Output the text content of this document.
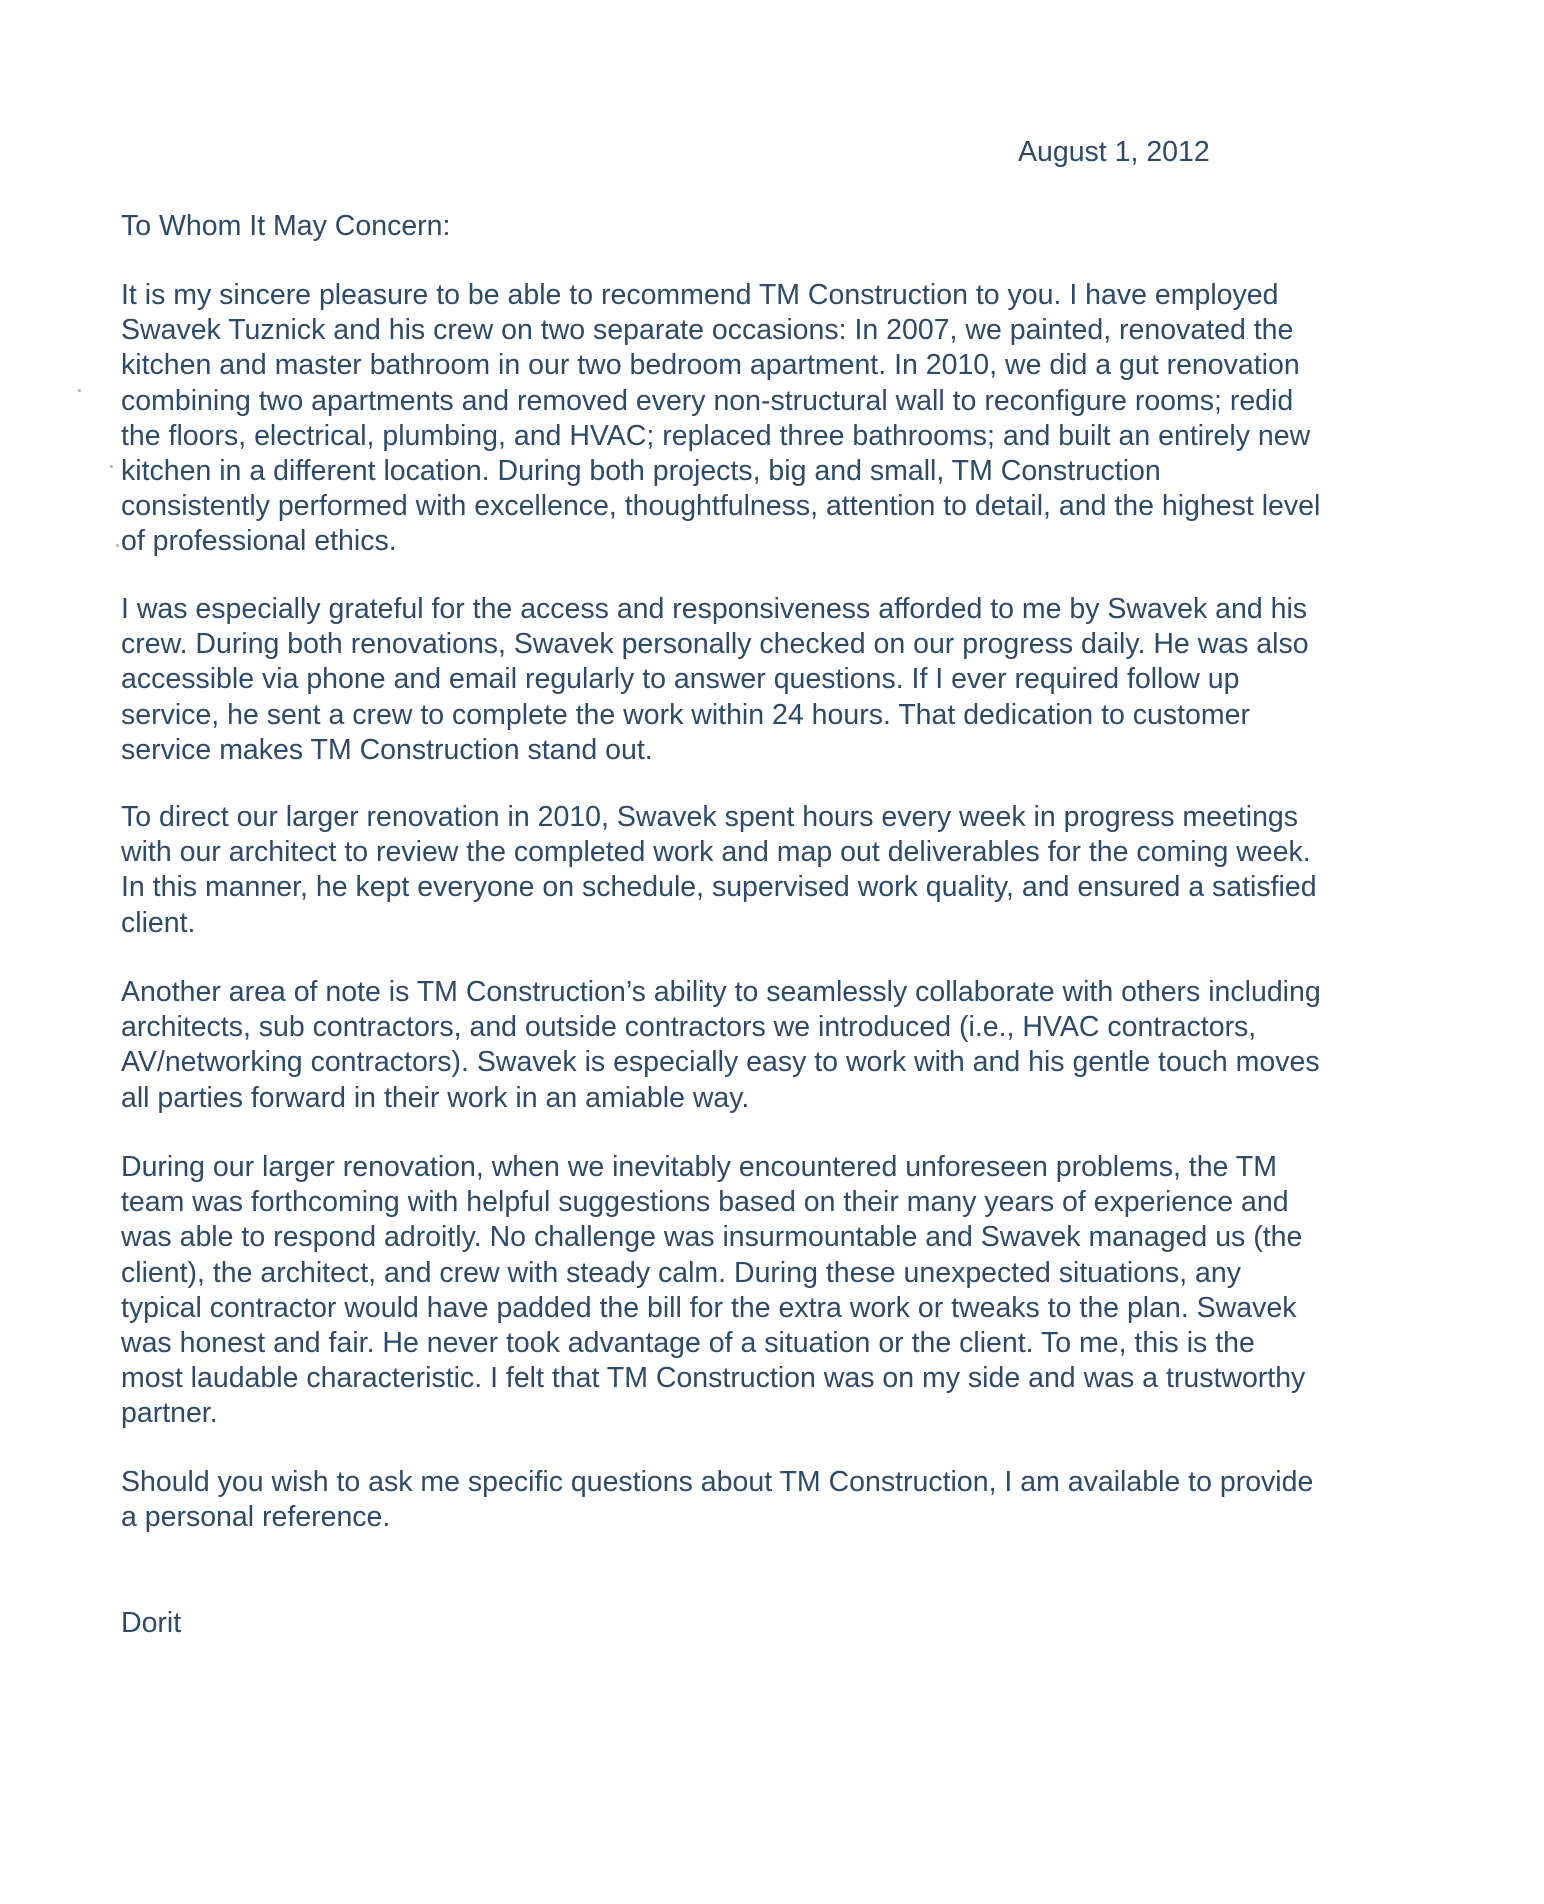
August 1, 2012
To Whom It May Concern:

It is my sincere pleasure to be able to recommend TM Construction to you. I have employed
Swavek Tuznick and his crew on two separate occasions: In 2007, we painted, renovated the
kitchen and master bathroom in our two bedroom apartment. In 2010, we did a gut renovation
combining two apartments and removed every non-structural wall to reconfigure rooms; redid
the floors, electrical, plumbing, and HVAC; replaced three bathrooms; and built an entirely new
kitchen in a different location. During both projects, big and small, TM Construction
consistently performed with excellence, thoughtfulness, attention to detail, and the highest level
of professional ethics.

I was especially grateful for the access and responsiveness afforded to me by Swavek and his
crew. During both renovations, Swavek personally checked on our progress daily. He was also
accessible via phone and email regularly to answer questions. If I ever required follow up
service, he sent a crew to complete the work within 24 hours. That dedication to customer
service makes TM Construction stand out.

To direct our larger renovation in 2010, Swavek spent hours every week in progress meetings
with our architect to review the completed work and map out deliverables for the coming week.
In this manner, he kept everyone on schedule, supervised work quality, and ensured a satisfied
client.

Another area of note is TM Construction’s ability to seamlessly collaborate with others including
architects, sub contractors, and outside contractors we introduced (i.e., HVAC contractors,
AV/networking contractors). Swavek is especially easy to work with and his gentle touch moves
all parties forward in their work in an amiable way.

During our larger renovation, when we inevitably encountered unforeseen problems, the TM
team was forthcoming with helpful suggestions based on their many years of experience and
was able to respond adroitly. No challenge was insurmountable and Swavek managed us (the
client), the architect, and crew with steady calm. During these unexpected situations, any
typical contractor would have padded the bill for the extra work or tweaks to the plan. Swavek
was honest and fair. He never took advantage of a situation or the client. To me, this is the
most laudable characteristic. I felt that TM Construction was on my side and was a trustworthy
partner.

Should you wish to ask me specific questions about TM Construction, I am available to provide
a personal reference.

Dorit
